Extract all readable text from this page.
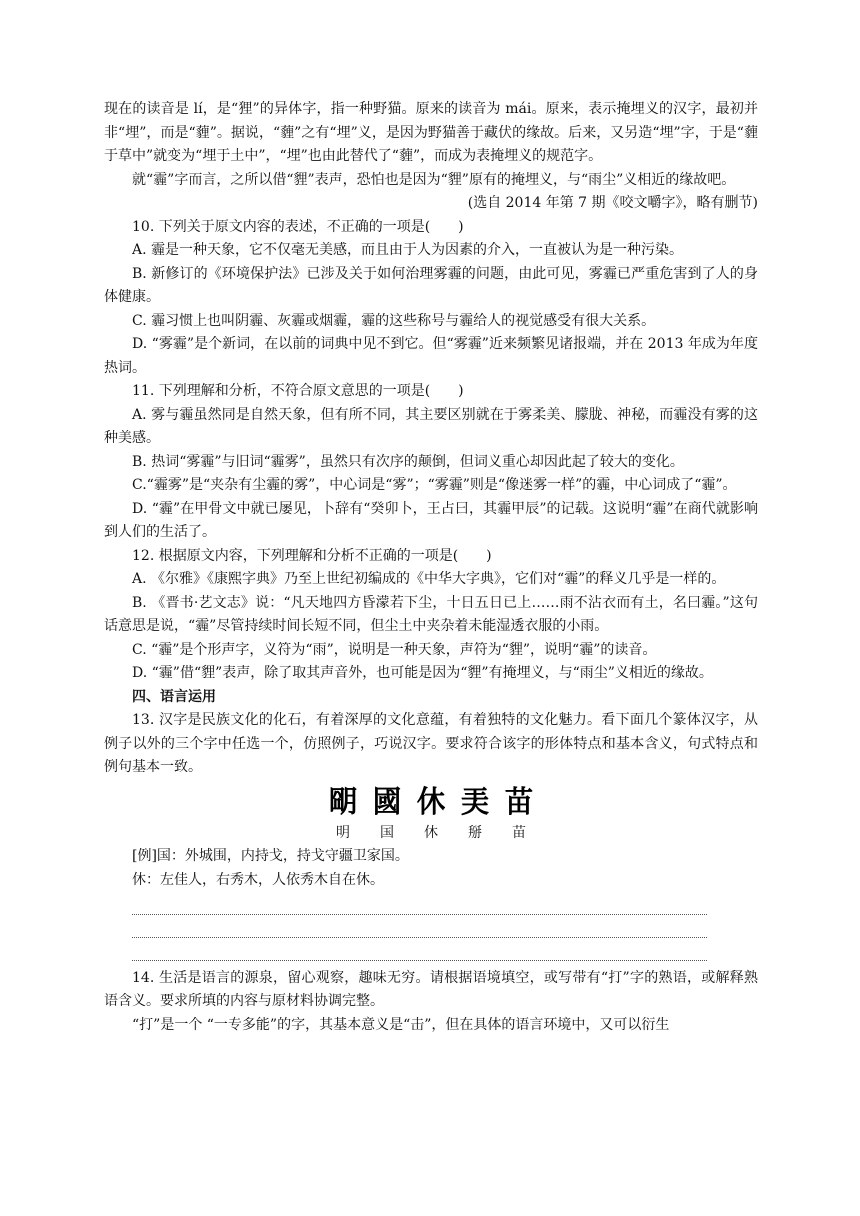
现在的读音是 lí，是“狸”的异体字，指一种野猫。原来的读音为 mái。原来，表示掩埋义的汉字，最初并非“埋”，而是“薶”。据说，“薶”之有“埋”义，是因为野猫善于藏伏的缘故。后来，又另造“埋”字，于是“薶于草中”就变为“埋于土中”，“埋”也由此替代了“薶”，而成为表掩埋义的规范字。

就“霾”字而言，之所以借“貍”表声，恐怕也是因为“貍”原有的掩埋义，与“雨尘”义相近的缘故吧。

(选自 2014 年第 7 期《咬文嚼字》，略有删节)

10. 下列关于原文内容的表述，不正确的一项是(　　)

A. 霾是一种天象，它不仅毫无美感，而且由于人为因素的介入，一直被认为是一种污染。

B. 新修订的《环境保护法》已涉及关于如何治理雾霾的问题，由此可见，雾霾已严重危害到了人的身体健康。

C. 霾习惯上也叫阴霾、灰霾或烟霾，霾的这些称号与霾给人的视觉感受有很大关系。

D. “雾霾”是个新词，在以前的词典中见不到它。但“雾霾”近来频繁见诸报端，并在 2013 年成为年度热词。

11. 下列理解和分析，不符合原文意思的一项是(　　)

A. 雾与霾虽然同是自然天象，但有所不同，其主要区别就在于雾柔美、朦胧、神秘，而霾没有雾的这种美感。

B. 热词“雾霾”与旧词“霾雾”，虽然只有次序的颠倒，但词义重心却因此起了较大的变化。

C.“霾雾”是“夹杂有尘霾的雾”，中心词是“雾”；“雾霾”则是“像迷雾一样”的霾，中心词成了“霾”。

D. “霾”在甲骨文中就已屡见，卜辞有“癸卯卜，王占曰，其霾甲辰”的记载。这说明“霾”在商代就影响到人们的生活了。

12. 根据原文内容，下列理解和分析不正确的一项是(　　)

A. 《尔雅》《康熙字典》乃至上世纪初编成的《中华大字典》，它们对“霾”的释义几乎是一样的。

B. 《晋书·艺文志》说：“凡天地四方昏濛若下尘，十日五日已上……雨不沾衣而有土，名曰霾。”这句话意思是说，“霾”尽管持续时间长短不同，但尘土中夹杂着未能湿透衣服的小雨。

C. “霾”是个形声字，义符为“雨”，说明是一种天象，声符为“貍”，说明“霾”的读音。

D. “霾”借“貍”表声，除了取其声音外，也可能是因为“貍”有掩埋义，与“雨尘”义相近的缘故。

四、语言运用

13. 汉字是民族文化的化石，有着深厚的文化意蕴，有着独特的文化魅力。看下面几个篆体汉字，从例子以外的三个字中任选一个，仿照例子，巧说汉字。要求符合该字的形体特点和基本含义，句式特点和例句基本一致。

朙 國 休 㺯 苗
明	国	休	掰	苗

[例]国：外城围，内持戈，持戈守疆卫家国。

休：左佳人，右秀木，人依秀木自在休。

14. 生活是语言的源泉，留心观察，趣味无穷。请根据语境填空，或写带有“打”字的熟语，或解释熟语含义。要求所填的内容与原材料协调完整。

“打”是一个 “一专多能”的字，其基本意义是“击”，但在具体的语言环境中，又可以衍生
